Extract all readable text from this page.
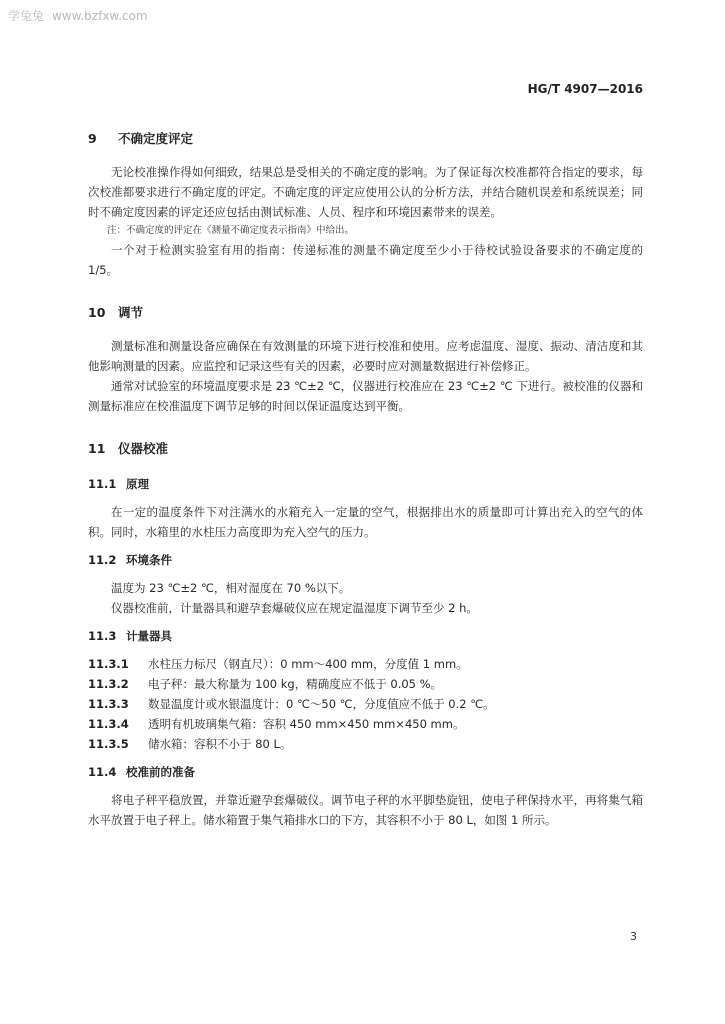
学兔兔 www.bzfxw.com
HG/T 4907—2016
9 不确定度评定

无论校准操作得如何细致，结果总是受相关的不确定度的影响。为了保证每次校准都符合指定的要求，每次校准都要求进行不确定度的评定。不确定度的评定应使用公认的分析方法，并结合随机误差和系统误差；同时不确定度因素的评定还应包括由测试标准、人员、程序和环境因素带来的误差。

注：不确定度的评定在《测量不确定度表示指南》中给出。

一个对于检测实验室有用的指南：传递标准的测量不确定度至少小于待校试验设备要求的不确定度的1/5。

10 调节

测量标准和测量设备应确保在有效测量的环境下进行校准和使用。应考虑温度、湿度、振动、清洁度和其他影响测量的因素。应监控和记录这些有关的因素，必要时应对测量数据进行补偿修正。

通常对试验室的环境温度要求是 23 ℃±2 ℃，仪器进行校准应在 23 ℃±2 ℃ 下进行。被校准的仪器和测量标准应在校准温度下调节足够的时间以保证温度达到平衡。

11 仪器校准
11.1 原理

在一定的温度条件下对注满水的水箱充入一定量的空气，根据排出水的质量即可计算出充入的空气的体积。同时，水箱里的水柱压力高度即为充入空气的压力。

11.2 环境条件

温度为 23 ℃±2 ℃，相对湿度在 70 %以下。

仪器校准前，计量器具和避孕套爆破仪应在规定温湿度下调节至少 2 h。

11.3 计量器具
11.3.1 水柱压力标尺（钢直尺）：0 mm～400 mm，分度值 1 mm。
11.3.2 电子秤：最大称量为 100 kg，精确度应不低于 0.05 %。
11.3.3 数显温度计或水银温度计：0 ℃～50 ℃，分度值应不低于 0.2 ℃。
11.3.4 透明有机玻璃集气箱：容积 450 mm×450 mm×450 mm。
11.3.5 储水箱：容积不小于 80 L。
11.4 校准前的准备

将电子秤平稳放置，并靠近避孕套爆破仪。调节电子秤的水平脚垫旋钮，使电子秤保持水平，再将集气箱水平放置于电子秤上。储水箱置于集气箱排水口的下方，其容积不小于 80 L，如图 1 所示。

3
